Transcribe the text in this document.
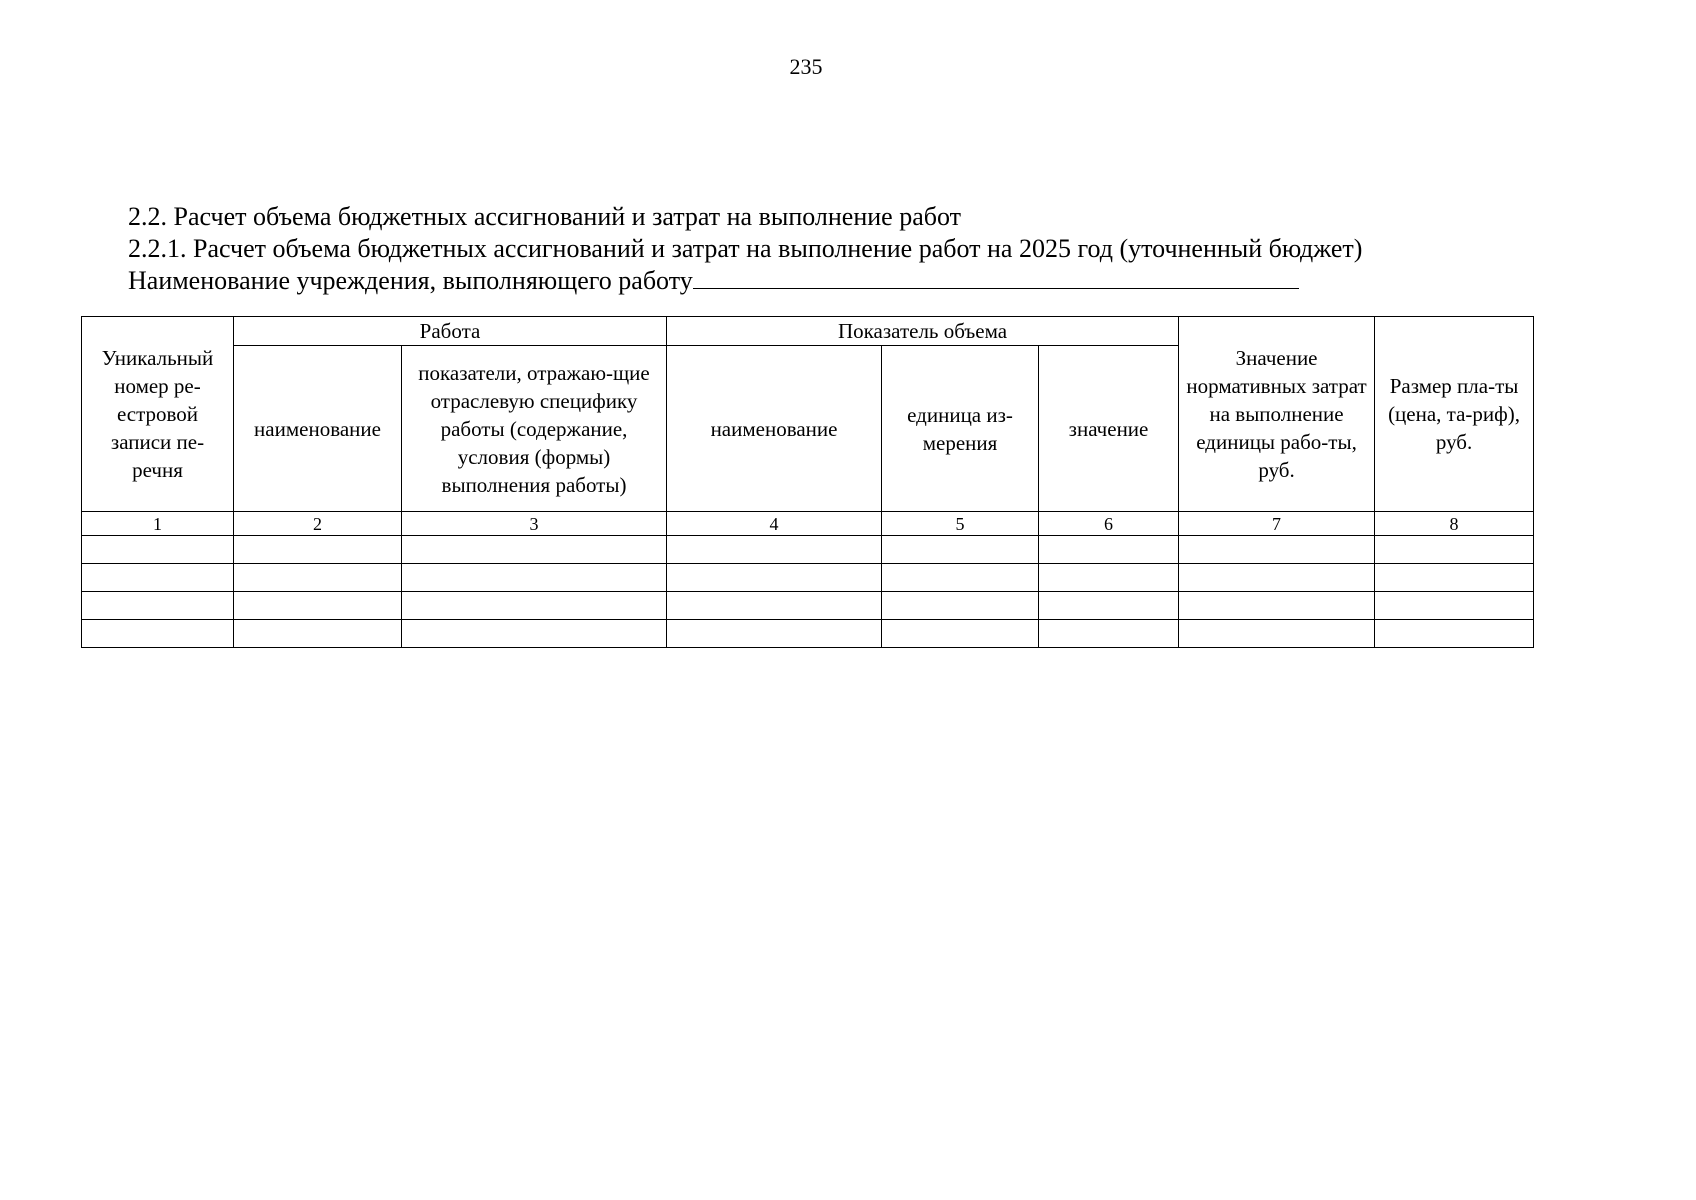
235
2.2. Расчет объема бюджетных ассигнований и затрат на выполнение работ
2.2.1. Расчет объема бюджетных ассигнований и затрат на выполнение работ на 2025 год (уточненный бюджет)
Наименование учреждения, выполняющего работу
Уникальный номер ре-естровой записи пе-речня	Работа		Показатель объема			Значение нормативных затрат на выполнение единицы рабо-ты, руб.	Размер пла-ты (цена, та-риф), руб.
	наименование	показатели, отражаю-щие отраслевую специфику работы (содержание, условия (формы) выполнения работы)	наименование	единица из-мерения	значение		
1	2	3	4	5	6	7	8
